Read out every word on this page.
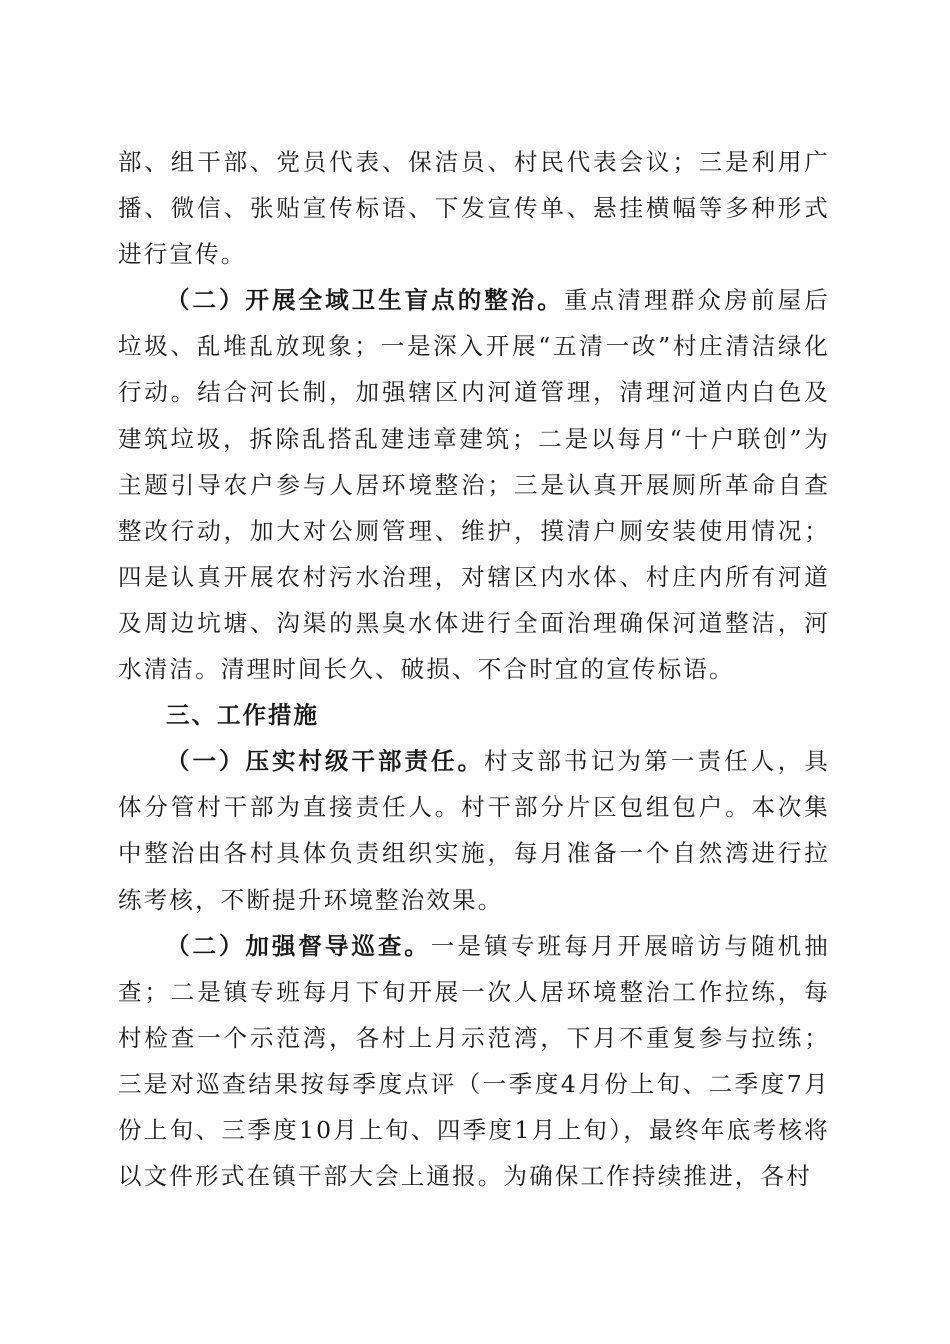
部、组干部、党员代表、保洁员、村民代表会议；三是利用广播、微信、张贴宣传标语、下发宣传单、悬挂横幅等多种形式进行宣传。

（二）开展全域卫生盲点的整治。重点清理群众房前屋后垃圾、乱堆乱放现象；一是深入开展“五清一改”村庄清洁绿化行动。结合河长制，加强辖区内河道管理，清理河道内白色及建筑垃圾，拆除乱搭乱建违章建筑；二是以每月“十户联创”为主题引导农户参与人居环境整治；三是认真开展厕所革命自查整改行动，加大对公厕管理、维护，摸清户厕安装使用情况；四是认真开展农村污水治理，对辖区内水体、村庄内所有河道及周边坑塘、沟渠的黑臭水体进行全面治理确保河道整洁，河水清洁。清理时间长久、破损、不合时宜的宣传标语。

三、工作措施

（一）压实村级干部责任。村支部书记为第一责任人，具体分管村干部为直接责任人。村干部分片区包组包户。本次集中整治由各村具体负责组织实施，每月准备一个自然湾进行拉练考核，不断提升环境整治效果。

（二）加强督导巡查。一是镇专班每月开展暗访与随机抽查；二是镇专班每月下旬开展一次人居环境整治工作拉练，每村检查一个示范湾，各村上月示范湾，下月不重复参与拉练；三是对巡查结果按每季度点评（一季度4月份上旬、二季度7月份上旬、三季度10月上旬、四季度1月上旬），最终年底考核将以文件形式在镇干部大会上通报。为确保工作持续推进，各村
